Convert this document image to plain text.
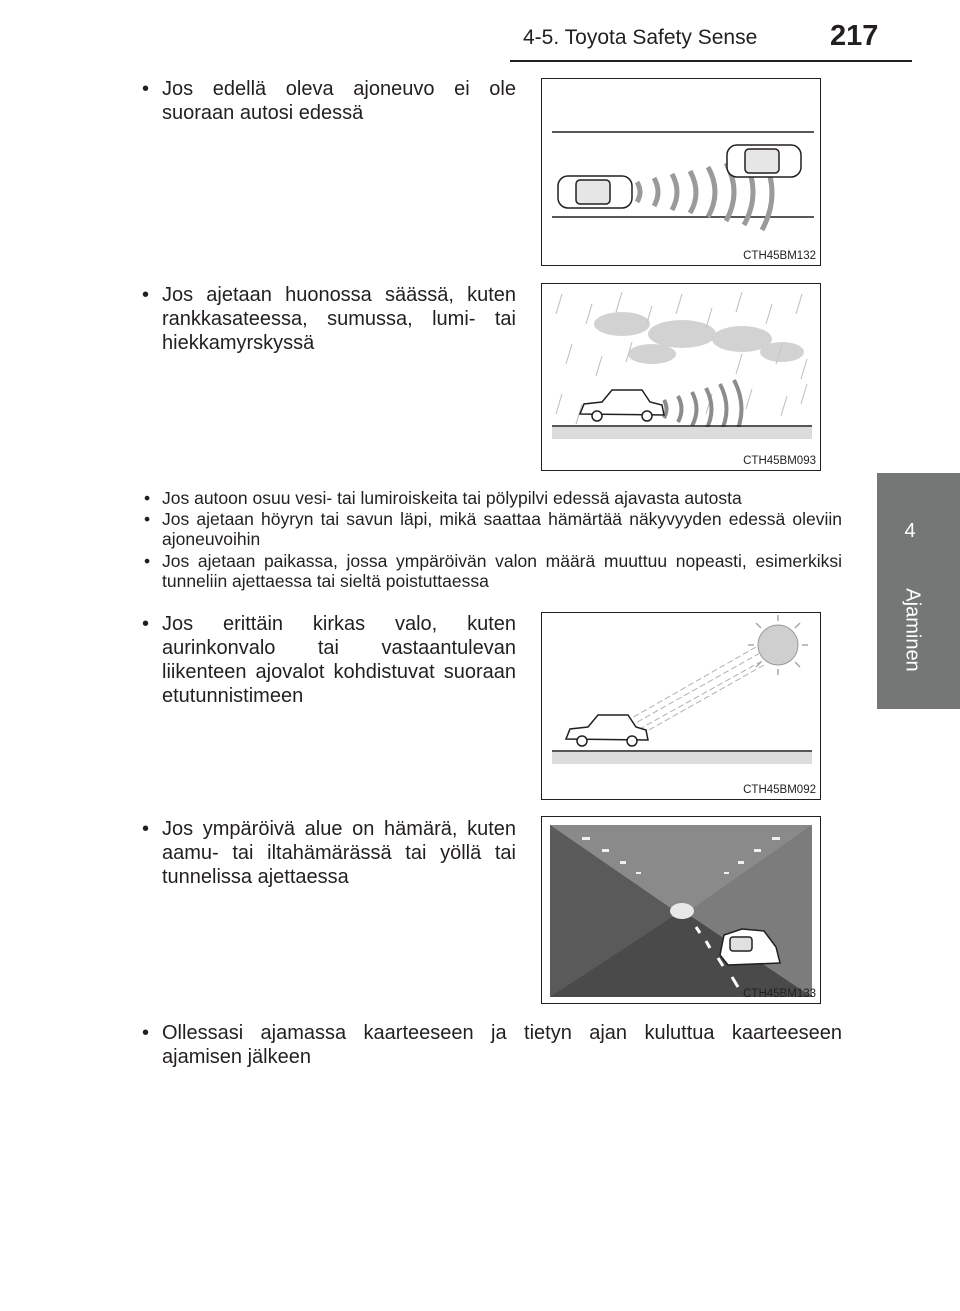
4-5. Toyota Safety Sense	217
4
Ajaminen
• Jos edellä oleva ajoneuvo ei ole suoraan autosi edessä
CTH45BM132
• Jos ajetaan huonossa säässä, kuten rankkasateessa, sumussa, lumi- tai hiekkamyrskyssä
CTH45BM093
• Jos autoon osuu vesi- tai lumiroiskeita tai pölypilvi edessä ajavasta autosta
• Jos ajetaan höyryn tai savun läpi, mikä saattaa hämärtää näkyvyyden edessä oleviin ajoneuvoihin
• Jos ajetaan paikassa, jossa ympäröivän valon määrä muuttuu nopeasti, esimerkiksi tunneliin ajettaessa tai sieltä poistuttaessa
• Jos erittäin kirkas valo, kuten aurinkonvalo tai vastaantulevan liikenteen ajovalot kohdistuvat suoraan etutunnistimeen
CTH45BM092
• Jos ympäröivä alue on hämärä, kuten aamu- tai iltahämärässä tai yöllä tai tunnelissa ajettaessa
CTH45BM133
• Ollessasi ajamassa kaarteeseen ja tietyn ajan kuluttua kaarteeseen ajamisen jälkeen
